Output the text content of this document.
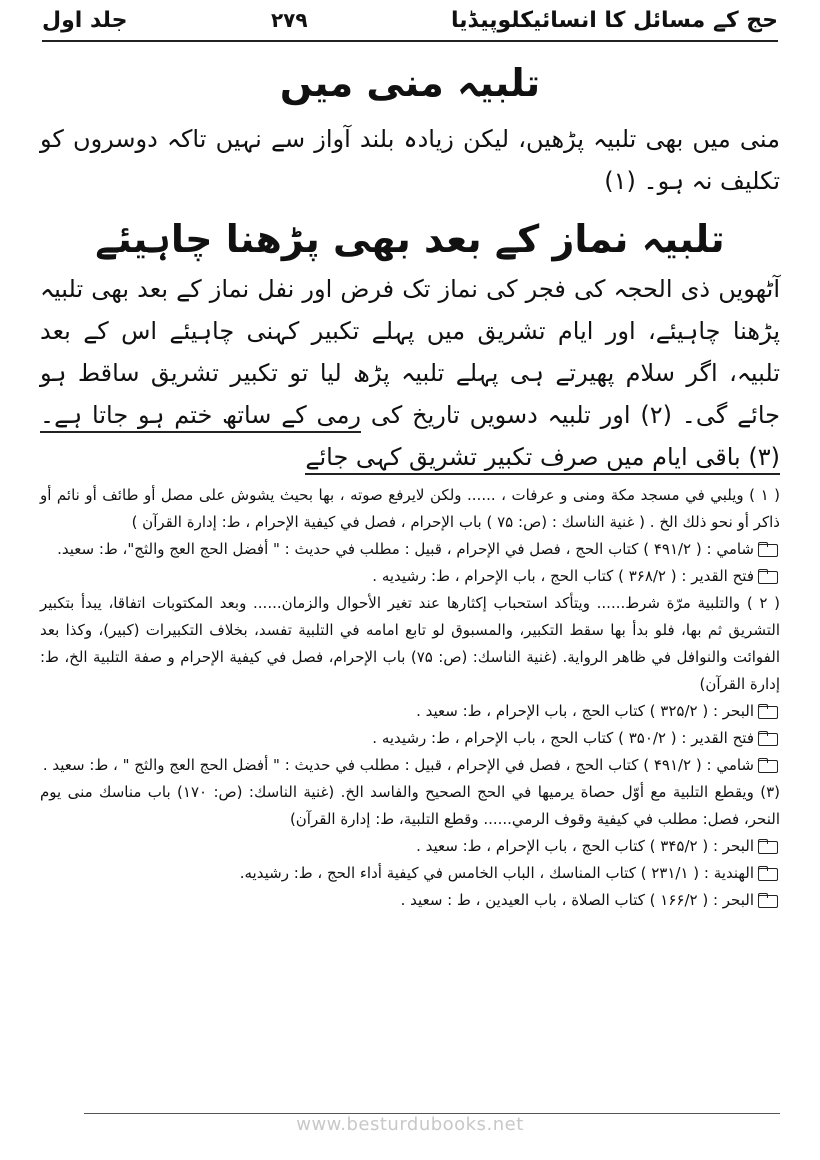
حج کے مسائل کا انسائیکلوپیڈیا
۲۷۹
جلد اول
تلبیہ منی میں
منی میں بھی تلبیہ پڑھیں، لیکن زیادہ بلند آواز سے نہیں تاکہ دوسروں کو تکلیف نہ ہو۔ (۱)
تلبیہ نماز کے بعد بھی پڑھنا چاہیئے
آٹھویں ذی الحجہ کی فجر کی نماز تک فرض اور نفل نماز کے بعد بھی تلبیہ پڑھنا چاہیئے، اور ایام تشریق میں پہلے تکبیر کہنی چاہیئے اس کے بعد تلبیہ، اگر سلام پھیرتے ہی پہلے تلبیہ پڑھ لیا تو تکبیر تشریق ساقط ہو جائے گی۔ (۲) اور تلبیہ دسویں تاریخ کی رمی کے ساتھ ختم ہو جاتا ہے۔ (۳) باقی ایام میں صرف تکبیر تشریق کہی جائے

( ۱ ) ويلبي في مسجد مكة ومنى و عرفات ، ...... ولكن لايرفع صوته ، بها بحيث يشوش على مصل أو طائف أو نائم أو ذاكر أو نحو ذلك الخ . ( غنية الناسك : (ص: ۷۵ ) باب الإحرام ، فصل في كيفية الإحرام ، ط: إدارة القرآن )

شامي : ( ۴۹۱/۲ ) كتاب الحج ، فصل في الإحرام ، قبيل : مطلب في حديث : " أفضل الحج العج والثج"، ط: سعيد.

فتح القدير : ( ۳۶۸/۲ ) كتاب الحج ، باب الإحرام ، ط: رشيديه .

( ۲ ) والتلبية مرّة شرط...... ويتأكد استحباب إكثارها عند تغير الأحوال والزمان...... وبعد المكتوبات اتفاقا، يبدأ بتكبير التشريق ثم بها، فلو بدأ بها سقط التكبير، والمسبوق لو تابع امامه في التلبية تفسد، بخلاف التكبيرات (كبير)، وكذا بعد الفوائت والنوافل في ظاهر الرواية. (غنية الناسك: (ص: ۷۵) باب الإحرام، فصل في كيفية الإحرام و صفة التلبية الخ، ط: إدارة القرآن)

البحر : ( ۳۲۵/۲ ) كتاب الحج ، باب الإحرام ، ط: سعيد .

فتح القدير : ( ۳۵۰/۲ ) كتاب الحج ، باب الإحرام ، ط: رشيديه .

شامي : ( ۴۹۱/۲ ) كتاب الحج ، فصل في الإحرام ، قبيل : مطلب في حديث : " أفضل الحج العج والثج " ، ط: سعيد .

(۳) ويقطع التلبية مع أوّل حصاة يرميها في الحج الصحيح والفاسد الخ. (غنية الناسك: (ص: ۱۷۰) باب مناسك منى يوم النحر، فصل: مطلب في كيفية وقوف الرمي...... وقطع التلبية، ط: إدارة القرآن)

البحر : ( ۳۴۵/۲ ) كتاب الحج ، باب الإحرام ، ط: سعيد .

الهندية : ( ۲۳۱/۱ ) كتاب المناسك ، الباب الخامس في كيفية أداء الحج ، ط: رشيديه.

البحر : ( ۱۶۶/۲ ) كتاب الصلاة ، باب العيدين ، ط : سعيد .

www.besturdubooks.net
